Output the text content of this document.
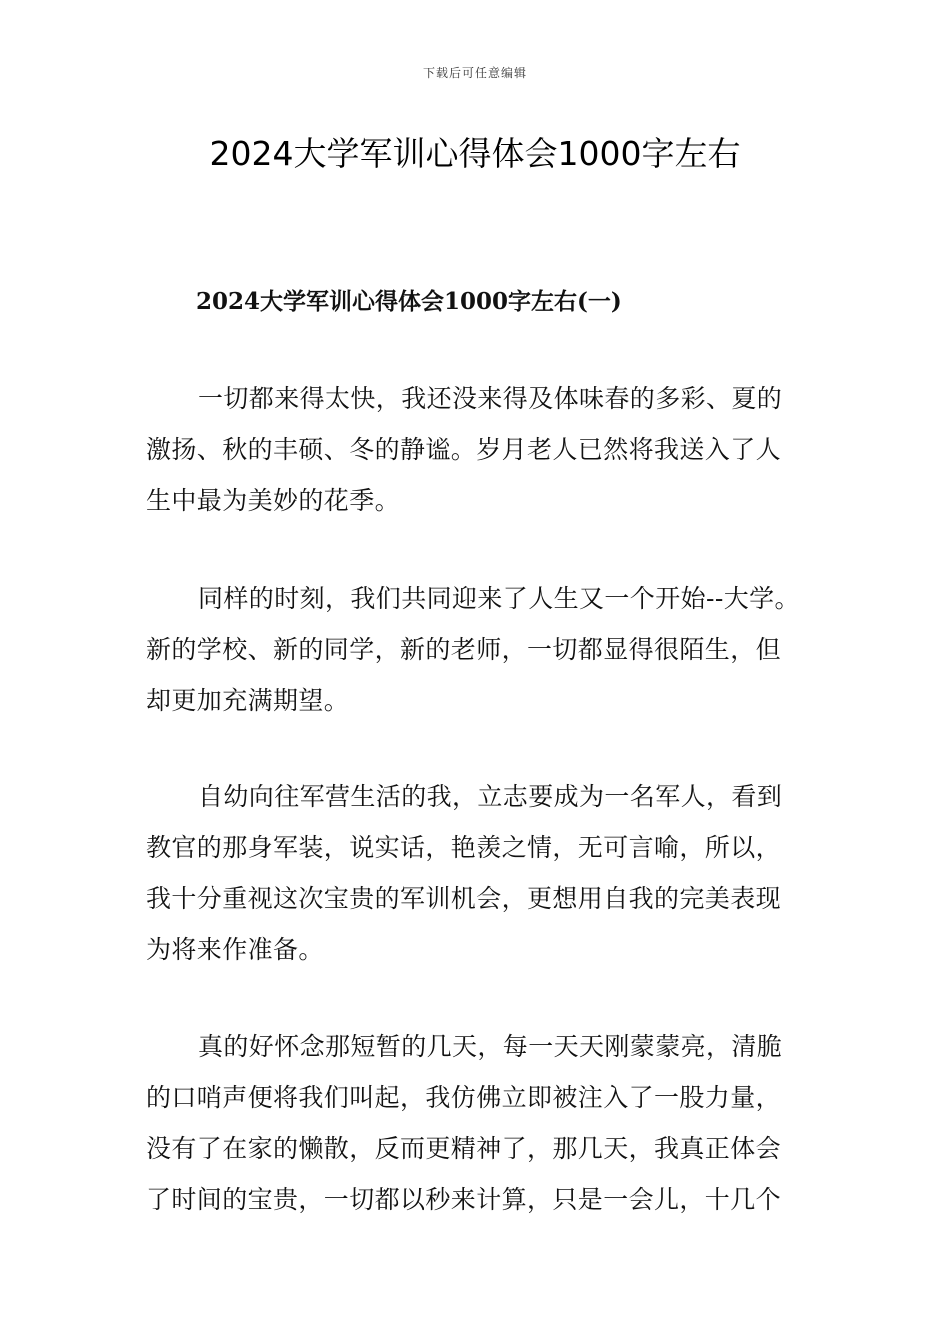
下载后可任意编辑
2024大学军训心得体会1000字左右
2024大学军训心得体会1000字左右(一)

一切都来得太快，我还没来得及体味春的多彩、夏的
激扬、秋的丰硕、冬的静谧。岁月老人已然将我送入了人
生中最为美妙的花季。

同样的时刻，我们共同迎来了人生又一个开始--大学。
新的学校、新的同学，新的老师，一切都显得很陌生，但
却更加充满期望。

自幼向往军营生活的我，立志要成为一名军人，看到
教官的那身军装，说实话，艳羡之情，无可言喻，所以，
我十分重视这次宝贵的军训机会，更想用自我的完美表现
为将来作准备。

真的好怀念那短暂的几天，每一天天刚蒙蒙亮，清脆
的口哨声便将我们叫起，我仿佛立即被注入了一股力量，
没有了在家的懒散，反而更精神了，那几天，我真正体会
了时间的宝贵，一切都以秒来计算，只是一会儿，十几个
